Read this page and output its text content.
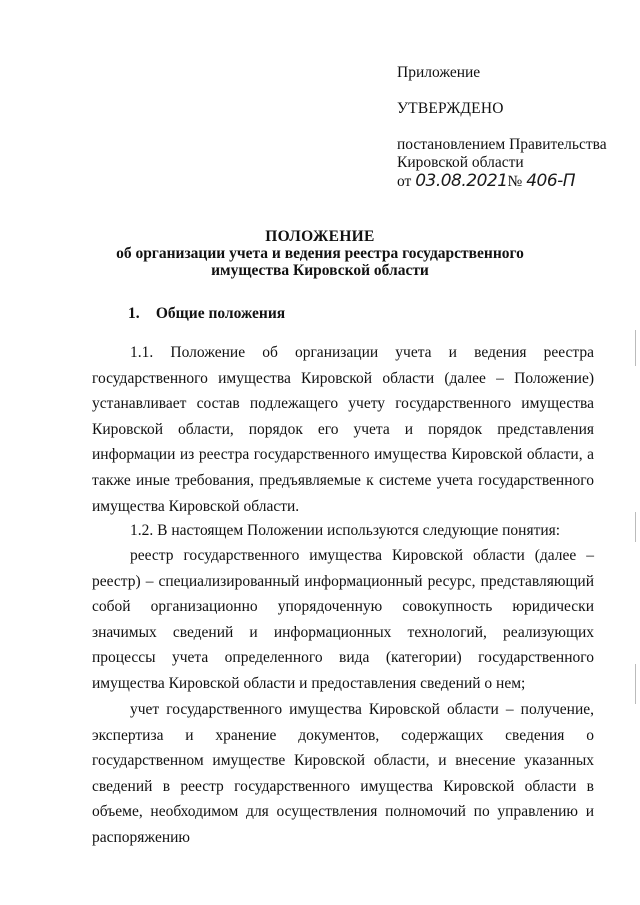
Приложение
УТВЕРЖДЕНО
постановлением Правительства
Кировской области
от 03.08.2021№ 406-П
ПОЛОЖЕНИЕ
об организации учета и ведения реестра государственного
имущества Кировской области
1. Общие положения

1.1. Положение об организации учета и ведения реестра государственного имущества Кировской области (далее – Положение) устанавливает состав подлежащего учету государственного имущества Кировской области, порядок его учета и порядок представления информации из реестра государственного имущества Кировской области, а также иные требования, предъявляемые к системе учета государственного имущества Кировской области.

1.2. В настоящем Положении используются следующие понятия:

реестр государственного имущества Кировской области (далее – реестр) – специализированный информационный ресурс, представляющий собой организационно упорядоченную совокупность юридически значимых сведений и информационных технологий, реализующих процессы учета определенного вида (категории) государственного имущества Кировской области и предоставления сведений о нем;

учет государственного имущества Кировской области – получение, экспертиза и хранение документов, содержащих сведения о государственном имуществе Кировской области, и внесение указанных сведений в реестр государственного имущества Кировской области в объеме, необходимом для осуществления полномочий по управлению и распоряжению
